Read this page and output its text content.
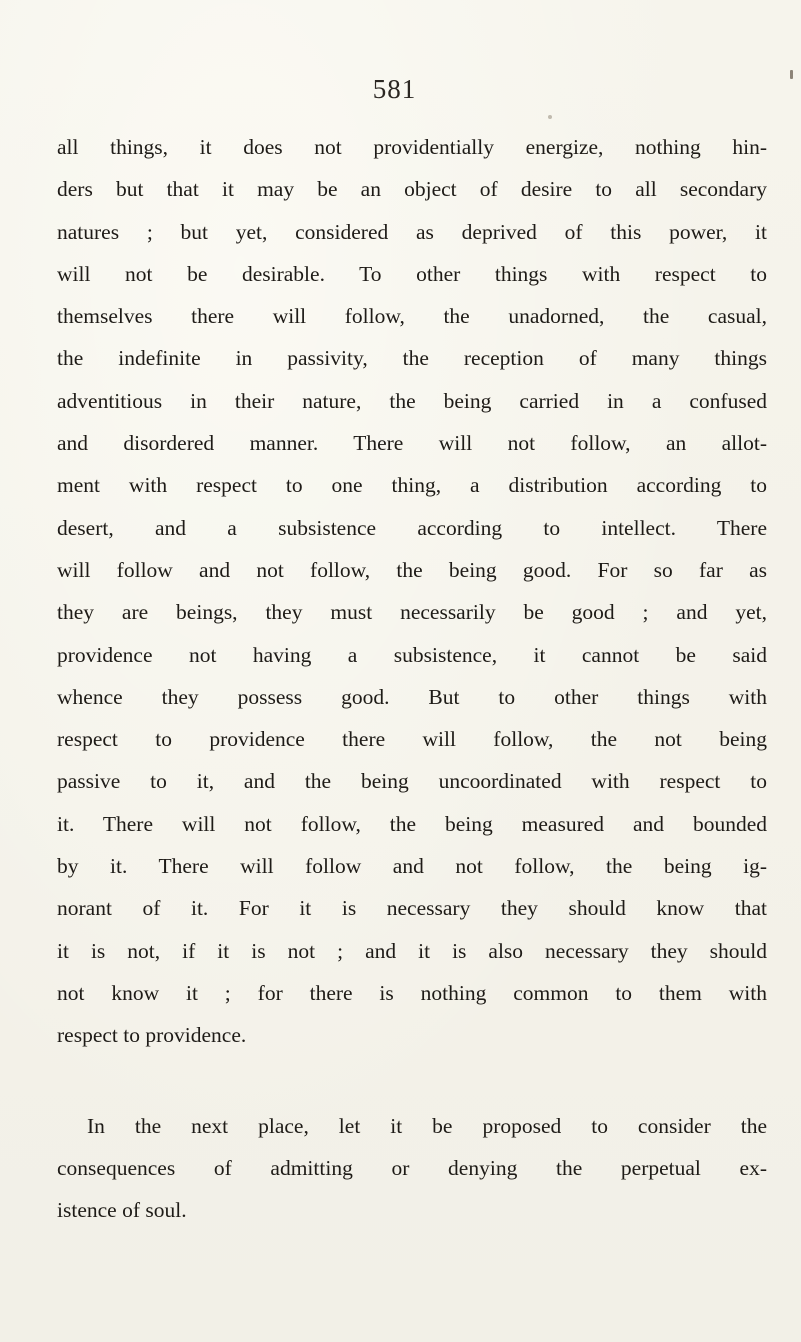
581
all things, it does not providentially energize, nothing hin-
ders but that it may be an object of desire to all secondary
natures ; but yet, considered as deprived of this power, it
will not be desirable. To other things with respect to
themselves there will follow, the unadorned, the casual,
the indefinite in passivity, the reception of many things
adventitious in their nature, the being carried in a confused
and disordered manner. There will not follow, an allot-
ment with respect to one thing, a distribution according to
desert, and a subsistence according to intellect. There
will follow and not follow, the being good. For so far as
they are beings, they must necessarily be good ; and yet,
providence not having a subsistence, it cannot be said
whence they possess good. But to other things with
respect to providence there will follow, the not being
passive to it, and the being uncoordinated with respect to
it. There will not follow, the being measured and bounded
by it. There will follow and not follow, the being ig-
norant of it. For it is necessary they should know that
it is not, if it is not ; and it is also necessary they should
not know it ; for there is nothing common to them with
respect to providence.
In the next place, let it be proposed to consider the
consequences of admitting or denying the perpetual ex-
istence of soul.
